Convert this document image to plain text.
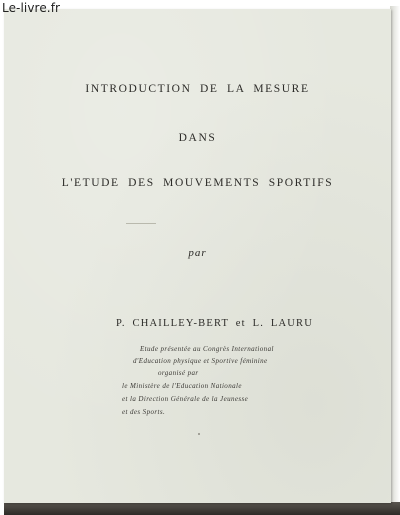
Le-livre.fr
INTRODUCTION DE LA MESURE
DANS
L'ETUDE DES MOUVEMENTS SPORTIFS
par
P. CHAILLEY-BERT et L. LAURU
Etude présentée au Congrès International
d'Education physique et Sportive féminine
organisé par
le Ministère de l'Education Nationale
et la Direction Générale de la Jeunesse
et des Sports.
